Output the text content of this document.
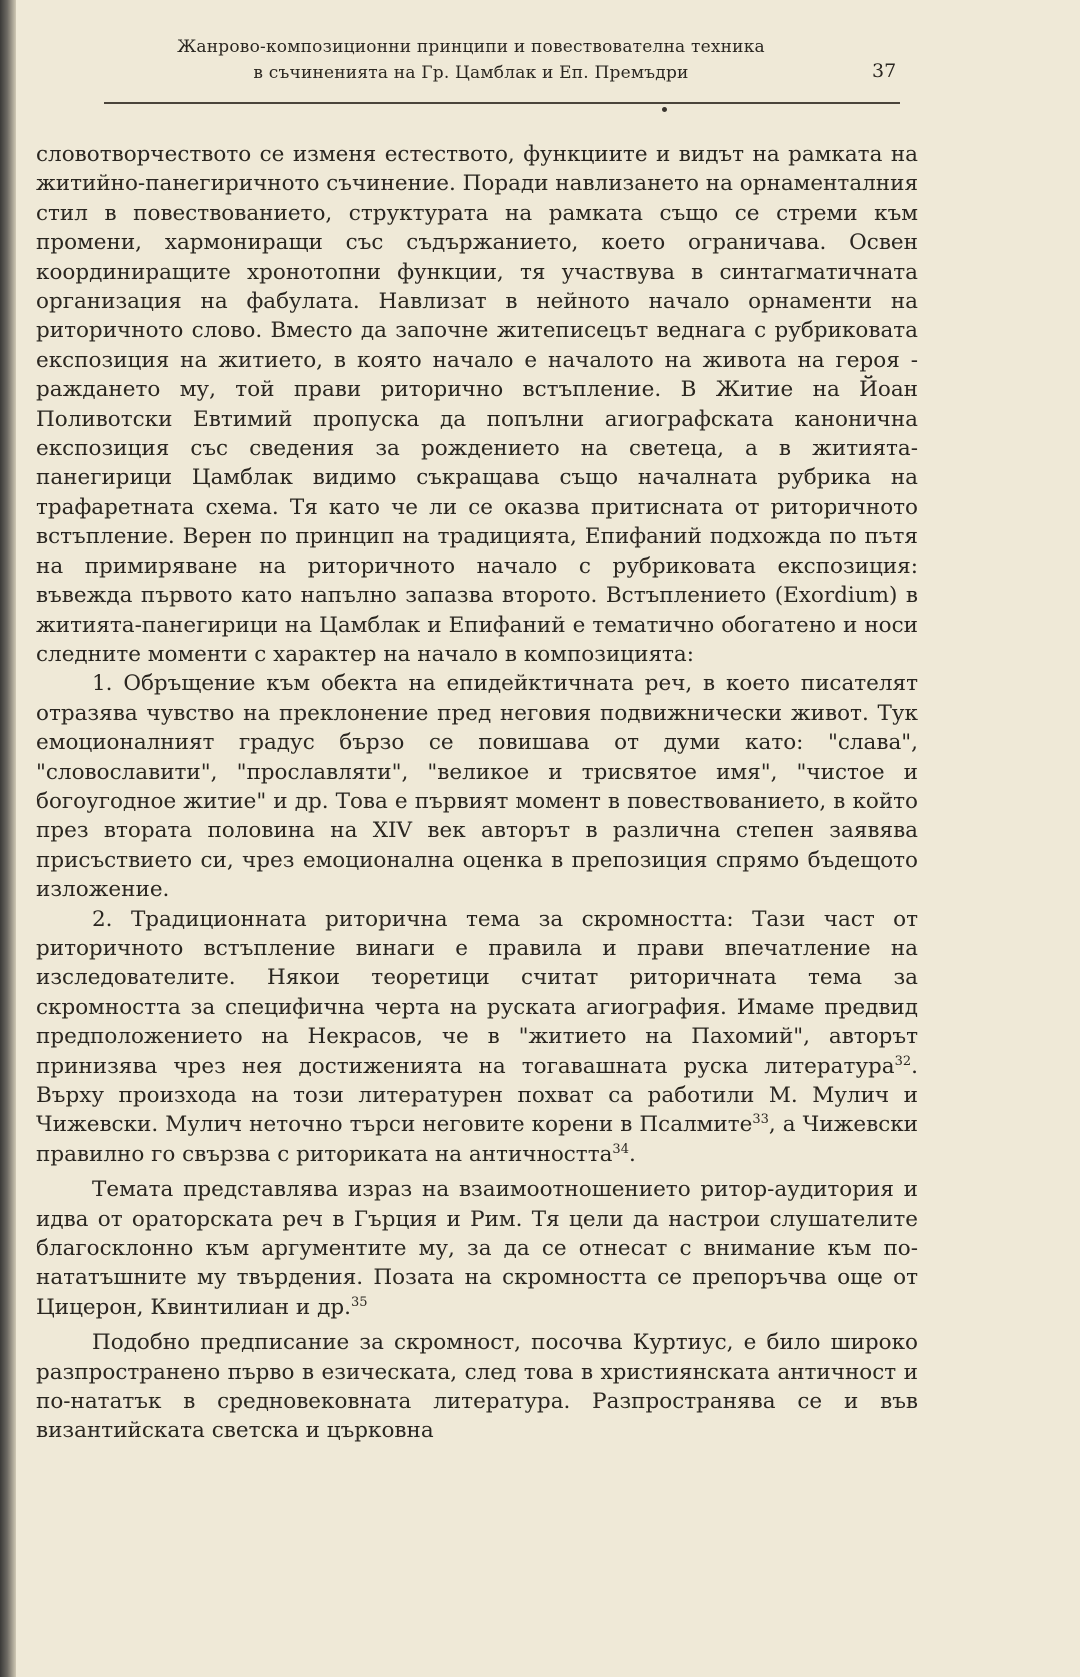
Жанрово-композиционни принципи и повествователна техника
в съчиненията на Гр. Цамблак и Еп. Премъдри	37

словотворчеството се изменя естеството, функциите и видът на рамката на житийно-панегиричното съчинение. Поради навлизането на орнаменталния стил в повествованието, структурата на рамката също се стреми към промени, хармониращи със съдържанието, което ограничава. Освен координиращите хронотопни функции, тя участвува в синтагматичната организация на фабулата. Навлизат в нейното начало орнаменти на риторичното слово. Вместо да започне житеписецът веднага с рубриковата експозиция на житието, в която начало е началото на живота на героя - раждането му, той прави риторично встъпление. В Житие на Йоан Поливотски Евтимий пропуска да попълни агиографската канонична експозиция със сведения за рождението на светеца, а в житията-панегирици Цамблак видимо съкращава също началната рубрика на трафаретната схема. Тя като че ли се оказва притисната от риторичното встъпление. Верен по принцип на традицията, Епифаний подхожда по пътя на примиряване на риторичното начало с рубриковата експозиция: въвежда първото като напълно запазва второто. Встъплението (Exordium) в житията-панегирици на Цамблак и Епифаний е тематично обогатено и носи следните моменти с характер на начало в композицията:

1. Обръщение към обекта на епидейктичната реч, в което писателят отразява чувство на преклонение пред неговия подвижнически живот. Тук емоционалният градус бързо се повишава от думи като: "слава", "словославити", "прославляти", "великое и трисвятое имя", "чистое и богоугодное житие" и др. Това е първият момент в повествованието, в който през втората половина на XIV век авторът в различна степен заявява присъствието си, чрез емоционална оценка в препозиция спрямо бъдещото изложение.

2. Традиционната риторична тема за скромността: Тази част от риторичното встъпление винаги е правила и прави впечатление на изследователите. Някои теоретици считат риторичната тема за скромността за специфична черта на руската агиография. Имаме предвид предположението на Некрасов, че в "житието на Пахомий", авторът принизява чрез нея достиженията на тогавашната руска литература$^{32}$. Върху произхода на този литературен похват са работили М. Мулич и Чижевски. Мулич неточно търси неговите корени в Псалмите$^{33}$, а Чижевски правилно го свързва с риториката на античността$^{34}$.

Темата представлява израз на взаимоотношението ритор-аудитория и идва от ораторската реч в Гърция и Рим. Тя цели да настрои слушателите благосклонно към аргументите му, за да се отнесат с внимание към по-нататъшните му твърдения. Позата на скромността се препоръчва още от Цицерон, Квинтилиан и др.$^{35}$

Подобно предписание за скромност, посочва Куртиус, е било широко разпространено първо в езическата, след това в християнската античност и по-нататък в средновековната литература. Разпространява се и във византийската светска и църковна
